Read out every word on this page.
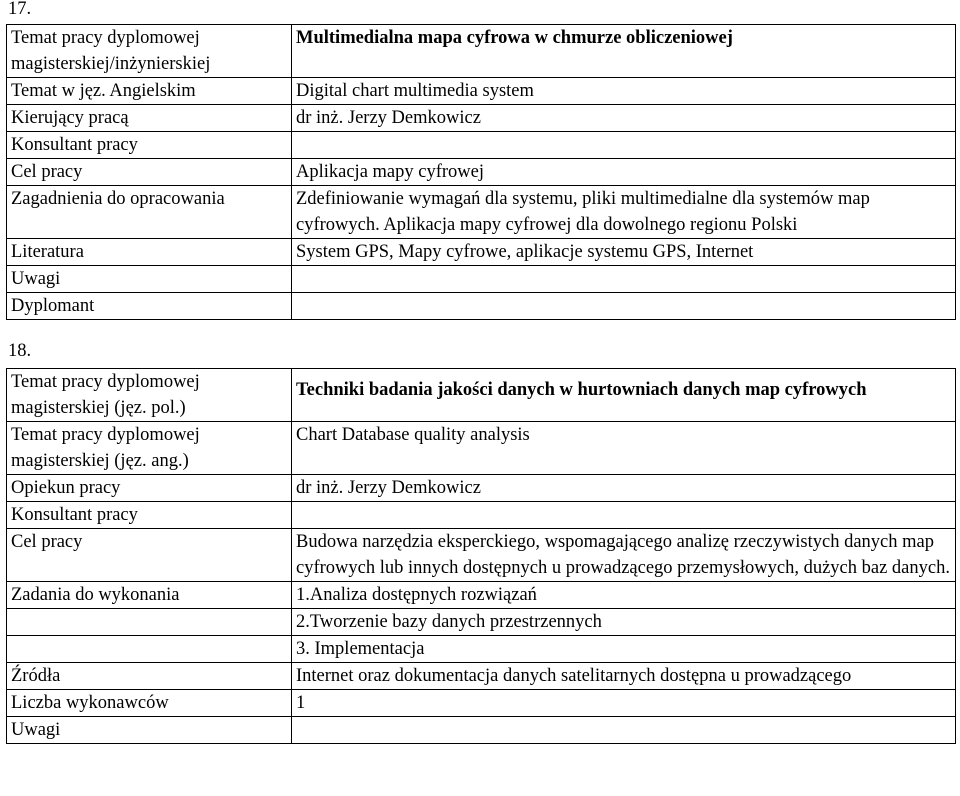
17.
Temat pracy dyplomowej magisterskiej/inżynierskiej	Multimedialna mapa cyfrowa w chmurze obliczeniowej
Temat w jęz. Angielskim	Digital chart multimedia system
Kierujący pracą	dr inż. Jerzy Demkowicz
Konsultant pracy	
Cel pracy	Aplikacja mapy cyfrowej
Zagadnienia do opracowania	Zdefiniowanie wymagań dla systemu, pliki multimedialne dla systemów map cyfrowych. Aplikacja mapy cyfrowej dla dowolnego regionu Polski
Literatura	System GPS, Mapy cyfrowe, aplikacje systemu GPS, Internet
Uwagi	
Dyplomant	
18.
Temat pracy dyplomowej magisterskiej (jęz. pol.)	Techniki badania jakości danych w hurtowniach danych map cyfrowych
Temat pracy dyplomowej magisterskiej (jęz. ang.)	Chart Database quality analysis
Opiekun pracy	dr inż. Jerzy Demkowicz
Konsultant pracy	
Cel pracy	Budowa narzędzia eksperckiego, wspomagającego analizę rzeczywistych danych map cyfrowych lub innych dostępnych u prowadzącego przemysłowych, dużych baz danych.
Zadania do wykonania	1.Analiza dostępnych rozwiązań
	2.Tworzenie bazy danych przestrzennych
	3. Implementacja
Źródła	Internet oraz dokumentacja danych satelitarnych dostępna u prowadzącego
Liczba wykonawców	1
Uwagi	
